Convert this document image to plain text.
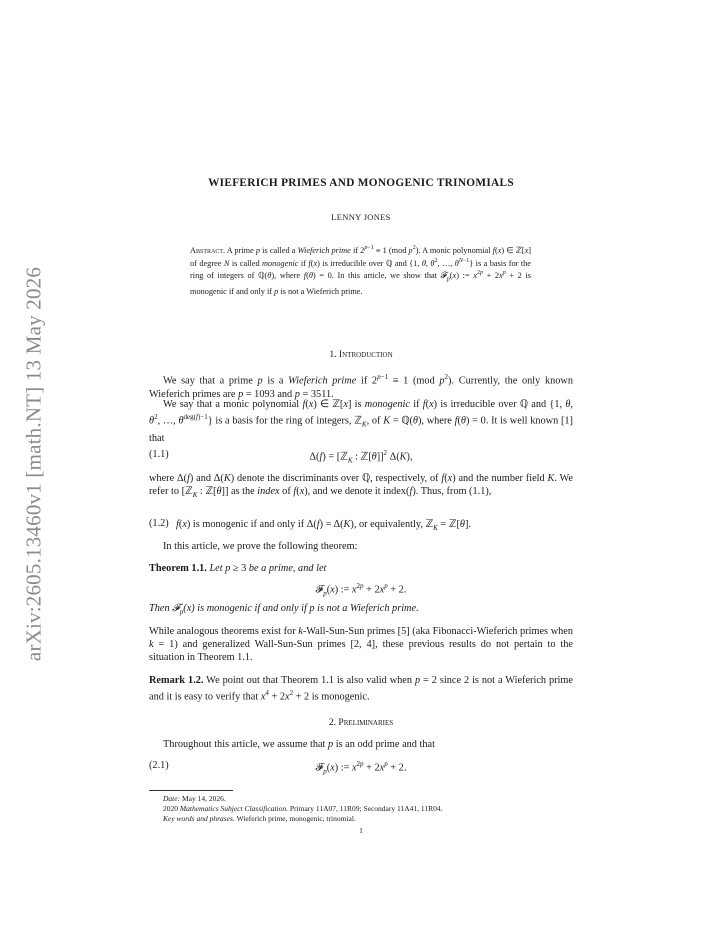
arXiv:2605.13460v1 [math.NT] 13 May 2026
WIEFERICH PRIMES AND MONOGENIC TRINOMIALS
LENNY JONES
Abstract. A prime p is called a Wieferich prime if $2^{p-1} \equiv 1$ (mod $p^2$). A monic polynomial f(x) ∈ ℤ[x] of degree N is called monogenic if f(x) is irreducible over ℚ and {1, θ, $\theta^2$, …, $\theta^{N-1}$} is a basis for the ring of integers of ℚ(θ), where f(θ) = 0. In this article, we show that 𝓕$_p$(x) := $x^{2p} + 2x^p + 2$ is monogenic if and only if p is not a Wieferich prime.
1. Introduction
We say that a prime p is a Wieferich prime if $2^{p-1} \equiv 1$ (mod $p^2$). Currently, the only known Wieferich primes are p = 1093 and p = 3511.
We say that a monic polynomial f(x) ∈ ℤ[x] is monogenic if f(x) is irreducible over ℚ and {1, θ, $\theta^2$, …, $\theta^{deg(f)-1}$} is a basis for the ring of integers, ℤ$_K$, of K = ℚ(θ), where f(θ) = 0. It is well known [1] that
(1.1)	Δ(f) = [ℤ$_K$ : ℤ[θ]]$^2$ Δ(K),
where Δ(f) and Δ(K) denote the discriminants over ℚ, respectively, of f(x) and the number field K. We refer to [ℤ$_K$ : ℤ[θ]] as the index of f(x), and we denote it index(f). Thus, from (1.1),
(1.2) f(x) is monogenic if and only if Δ(f) = Δ(K), or equivalently, ℤ$_K$ = ℤ[θ].
In this article, we prove the following theorem:
Theorem 1.1. Let p ≥ 3 be a prime, and let
𝓕$_p$(x) := $x^{2p} + 2x^p + 2$.
Then 𝓕$_p$(x) is monogenic if and only if p is not a Wieferich prime.
While analogous theorems exist for k-Wall-Sun-Sun primes [5] (aka Fibonacci-Wieferich primes when k = 1) and generalized Wall-Sun-Sun primes [2, 4], these previous results do not pertain to the situation in Theorem 1.1.
Remark 1.2. We point out that Theorem 1.1 is also valid when p = 2 since 2 is not a Wieferich prime and it is easy to verify that $x^4 + 2x^2 + 2$ is monogenic.
2. Preliminaries
Throughout this article, we assume that p is an odd prime and that
(2.1)	𝓕$_p$(x) := $x^{2p} + 2x^p + 2$.
Date: May 14, 2026.
2020 Mathematics Subject Classification. Primary 11A07, 11R09; Secondary 11A41, 11R04.
Key words and phrases. Wieferich prime, monogenic, trinomial.
1
